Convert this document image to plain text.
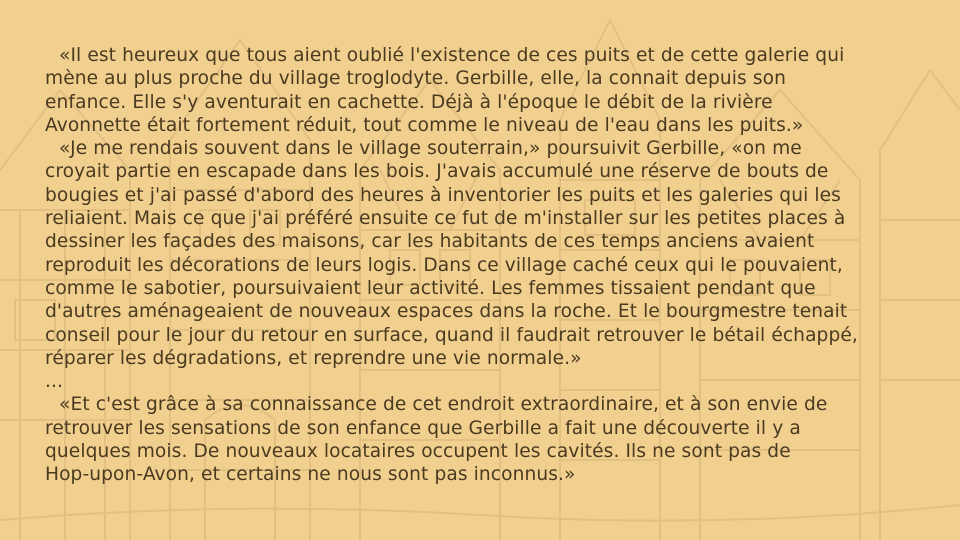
«Il est heureux que tous aient oublié l'existence de ces puits et de cette galerie qui
mène au plus proche du village troglodyte. Gerbille, elle, la connait depuis son
enfance. Elle s'y aventurait en cachette. Déjà à l'époque le débit de la rivière
Avonnette était fortement réduit, tout comme le niveau de l'eau dans les puits.»

«Je me rendais souvent dans le village souterrain,» poursuivit Gerbille, «on me
croyait partie en escapade dans les bois. J'avais accumulé une réserve de bouts de
bougies et j'ai passé d'abord des heures à inventorier les puits et les galeries qui les
reliaient. Mais ce que j'ai préféré ensuite ce fut de m'installer sur les petites places à
dessiner les façades des maisons, car les habitants de ces temps anciens avaient
reproduit les décorations de leurs logis. Dans ce village caché ceux qui le pouvaient,
comme le sabotier, poursuivaient leur activité. Les femmes tissaient pendant que
d'autres aménageaient de nouveaux espaces dans la roche. Et le bourgmestre tenait
conseil pour le jour du retour en surface, quand il faudrait retrouver le bétail échappé,
réparer les dégradations, et reprendre une vie normale.»

...

«Et c'est grâce à sa connaissance de cet endroit extraordinaire, et à son envie de
retrouver les sensations de son enfance que Gerbille a fait une découverte il y a
quelques mois. De nouveaux locataires occupent les cavités. Ils ne sont pas de
Hop-upon-Avon, et certains ne nous sont pas inconnus.»
